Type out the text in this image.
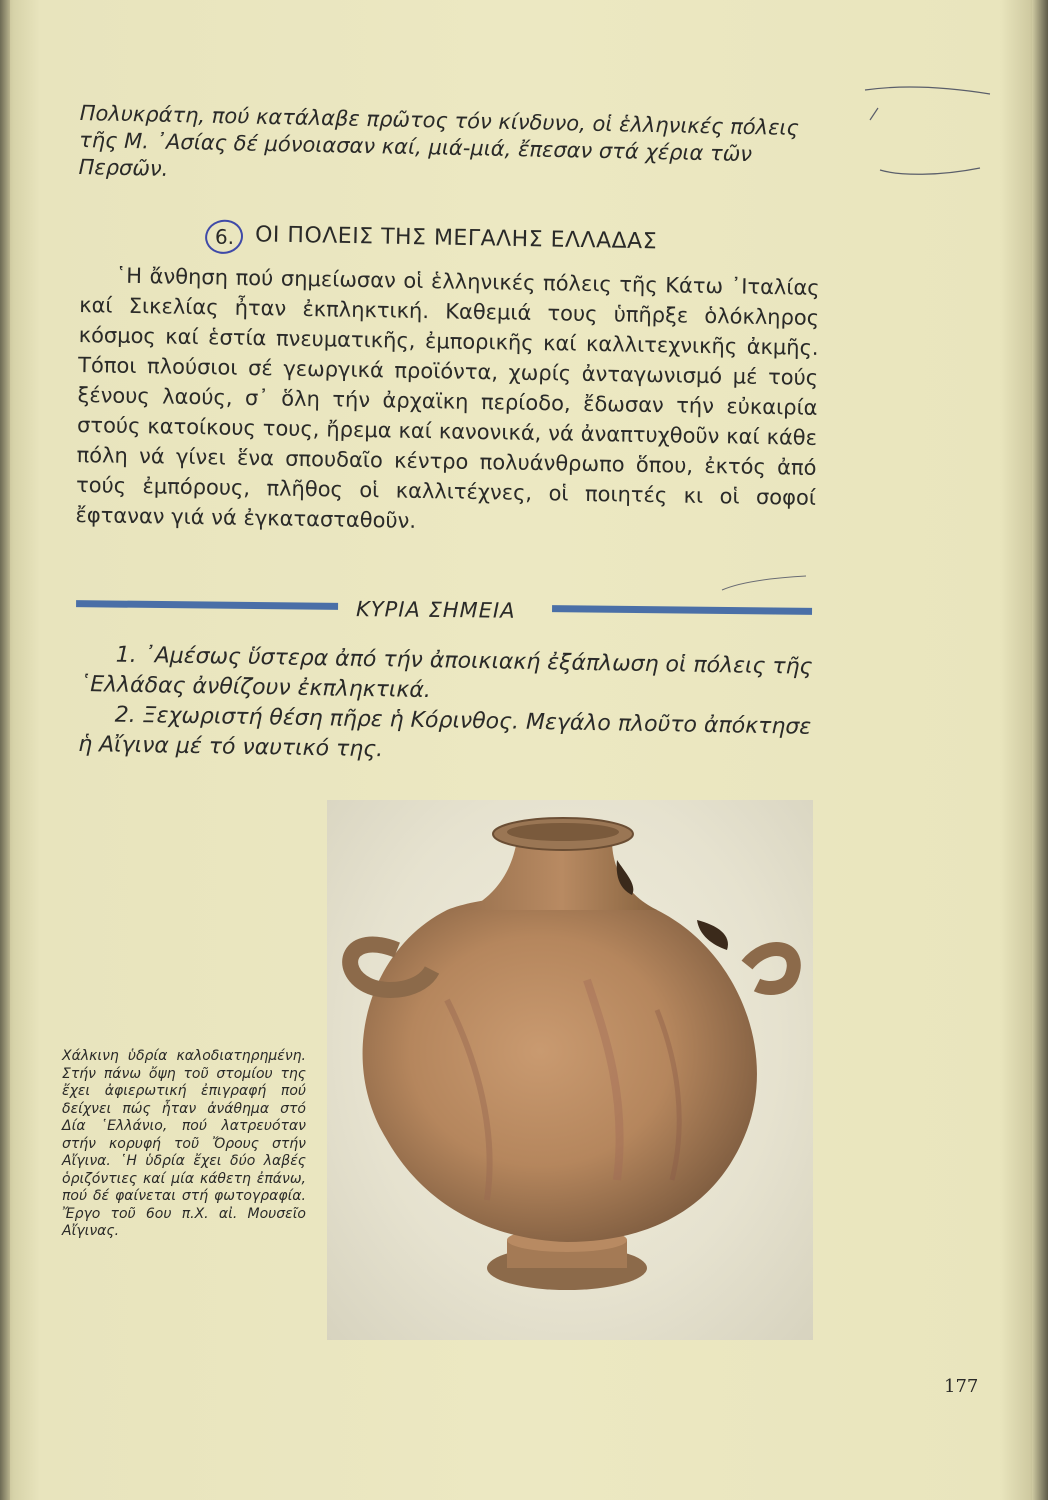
Πολυκράτη, πού κατάλαβε πρῶτος τόν κίνδυνο, οἱ ἑλληνικές πόλεις τῆς Μ. ᾿Ασίας δέ μόνοιασαν καί, μιά-μιά, ἔπεσαν στά χέρια τῶν Περσῶν.
6. ΟΙ ΠΟΛΕΙΣ ΤΗΣ ΜΕΓΑΛΗΣ ΕΛΛΑΔΑΣ

῾Η ἄνθηση πού σημείωσαν οἱ ἑλληνικές πόλεις τῆς Κάτω ᾿Ιταλίας καί Σικελίας ἦταν ἐκπληκτική. Καθεμιά τους ὑπῆρξε ὁλόκληρος κόσμος καί ἑστία πνευματικῆς, ἐμπορικῆς καί καλλιτεχνικῆς ἀκμῆς. Τόποι πλούσιοι σέ γεωργικά προϊόντα, χωρίς ἀνταγωνισμό μέ τούς ξένους λαούς, σ᾿ ὅλη τήν ἀρχαϊκη περίοδο, ἔδωσαν τήν εὐκαιρία στούς κατοίκους τους, ἤρεμα καί κανονικά, νά ἀναπτυχθοῦν καί κάθε πόλη νά γίνει ἕνα σπουδαῖο κέντρο πολυάνθρωπο ὅπου, ἐκτός ἀπό τούς ἐμπόρους, πλῆθος οἱ καλλιτέχνες, οἱ ποιητές κι οἱ σοφοί ἔφταναν γιά νά ἐγκατασταθοῦν.

ΚΥΡΙΑ ΣΗΜΕΙΑ

1. ᾿Αμέσως ὕστερα ἀπό τήν ἀποικιακή ἐξάπλωση οἱ πόλεις τῆς ῾Ελλάδας ἀνθίζουν ἐκπληκτικά.

2. Ξεχωριστή θέση πῆρε ἡ Κόρινθος. Μεγάλο πλοῦτο ἀπόκτησε ἡ Αἴγινα μέ τό ναυτικό της.

Χάλκινη ὑδρία καλοδιατηρημένη. Στήν πάνω ὄψη τοῦ στομίου της ἔχει ἀφιερωτική ἐπιγραφή πού δείχνει πώς ἦταν ἀνάθημα στό Δία ῾Ελλάνιο, πού λατρευόταν στήν κορυφή τοῦ Ὄρους στήν Αἴγινα. ῾Η ὑδρία ἔχει δύο λαβές ὁριζόντιες καί μία κάθετη ἐπάνω, πού δέ φαίνεται στή φωτογραφία. Ἔργο τοῦ 6ου π.Χ. αἰ. Μουσεῖο Αἴγινας.
177
